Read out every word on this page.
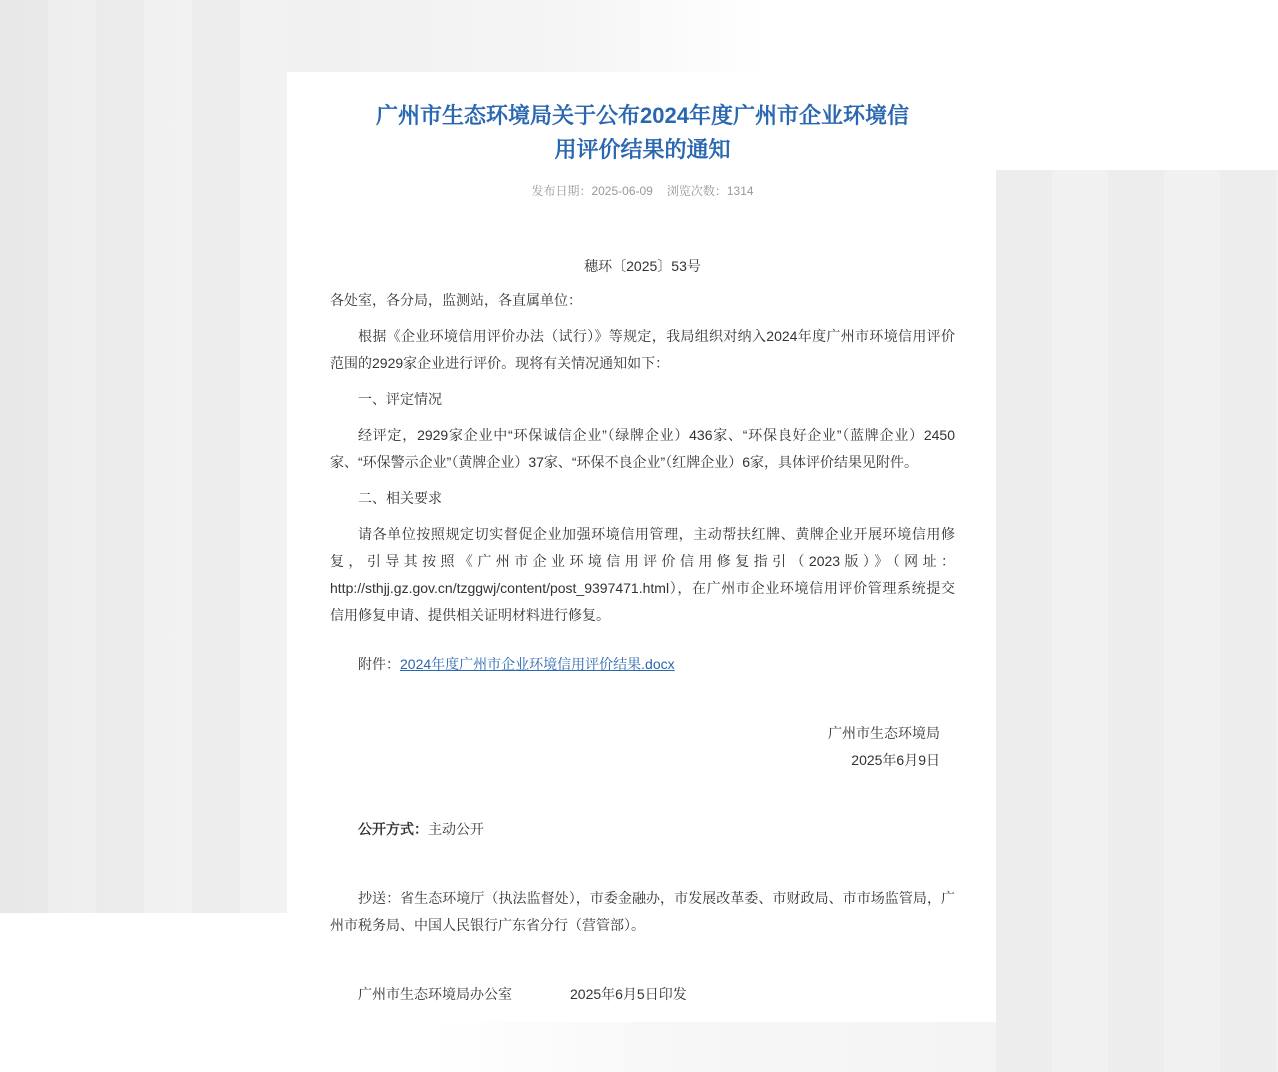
广州市生态环境局关于公布2024年度广州市企业环境信
用评价结果的通知
发布日期：2025-06-09 浏览次数：1314

穗环〔2025〕53号

各处室，各分局，监测站，各直属单位：

根据《企业环境信用评价办法（试行）》等规定，我局组织对纳入2024年度广州市环境信用评价范围的2929家企业进行评价。现将有关情况通知如下：

一、评定情况

经评定，2929家企业中“环保诚信企业”（绿牌企业）436家、“环保良好企业”（蓝牌企业）2450家、“环保警示企业”（黄牌企业）37家、“环保不良企业”（红牌企业）6家，具体评价结果见附件。

二、相关要求

请各单位按照规定切实督促企业加强环境信用管理，主动帮扶红牌、黄牌企业开展环境信用修复，引导其按照《广州市企业环境信用评价信用修复指引（2023版）》（网址：http://sthjj.gz.gov.cn/tzggwj/content/post_9397471.html），在广州市企业环境信用评价管理系统提交信用修复申请、提供相关证明材料进行修复。

附件：2024年度广州市企业环境信用评价结果.docx

广州市生态环境局

2025年6月9日

公开方式：主动公开

抄送：省生态环境厅（执法监督处），市委金融办，市发展改革委、市财政局、市市场监管局，广州市税务局、中国人民银行广东省分行（营管部）。

广州市生态环境局办公室	2025年6月5日印发
